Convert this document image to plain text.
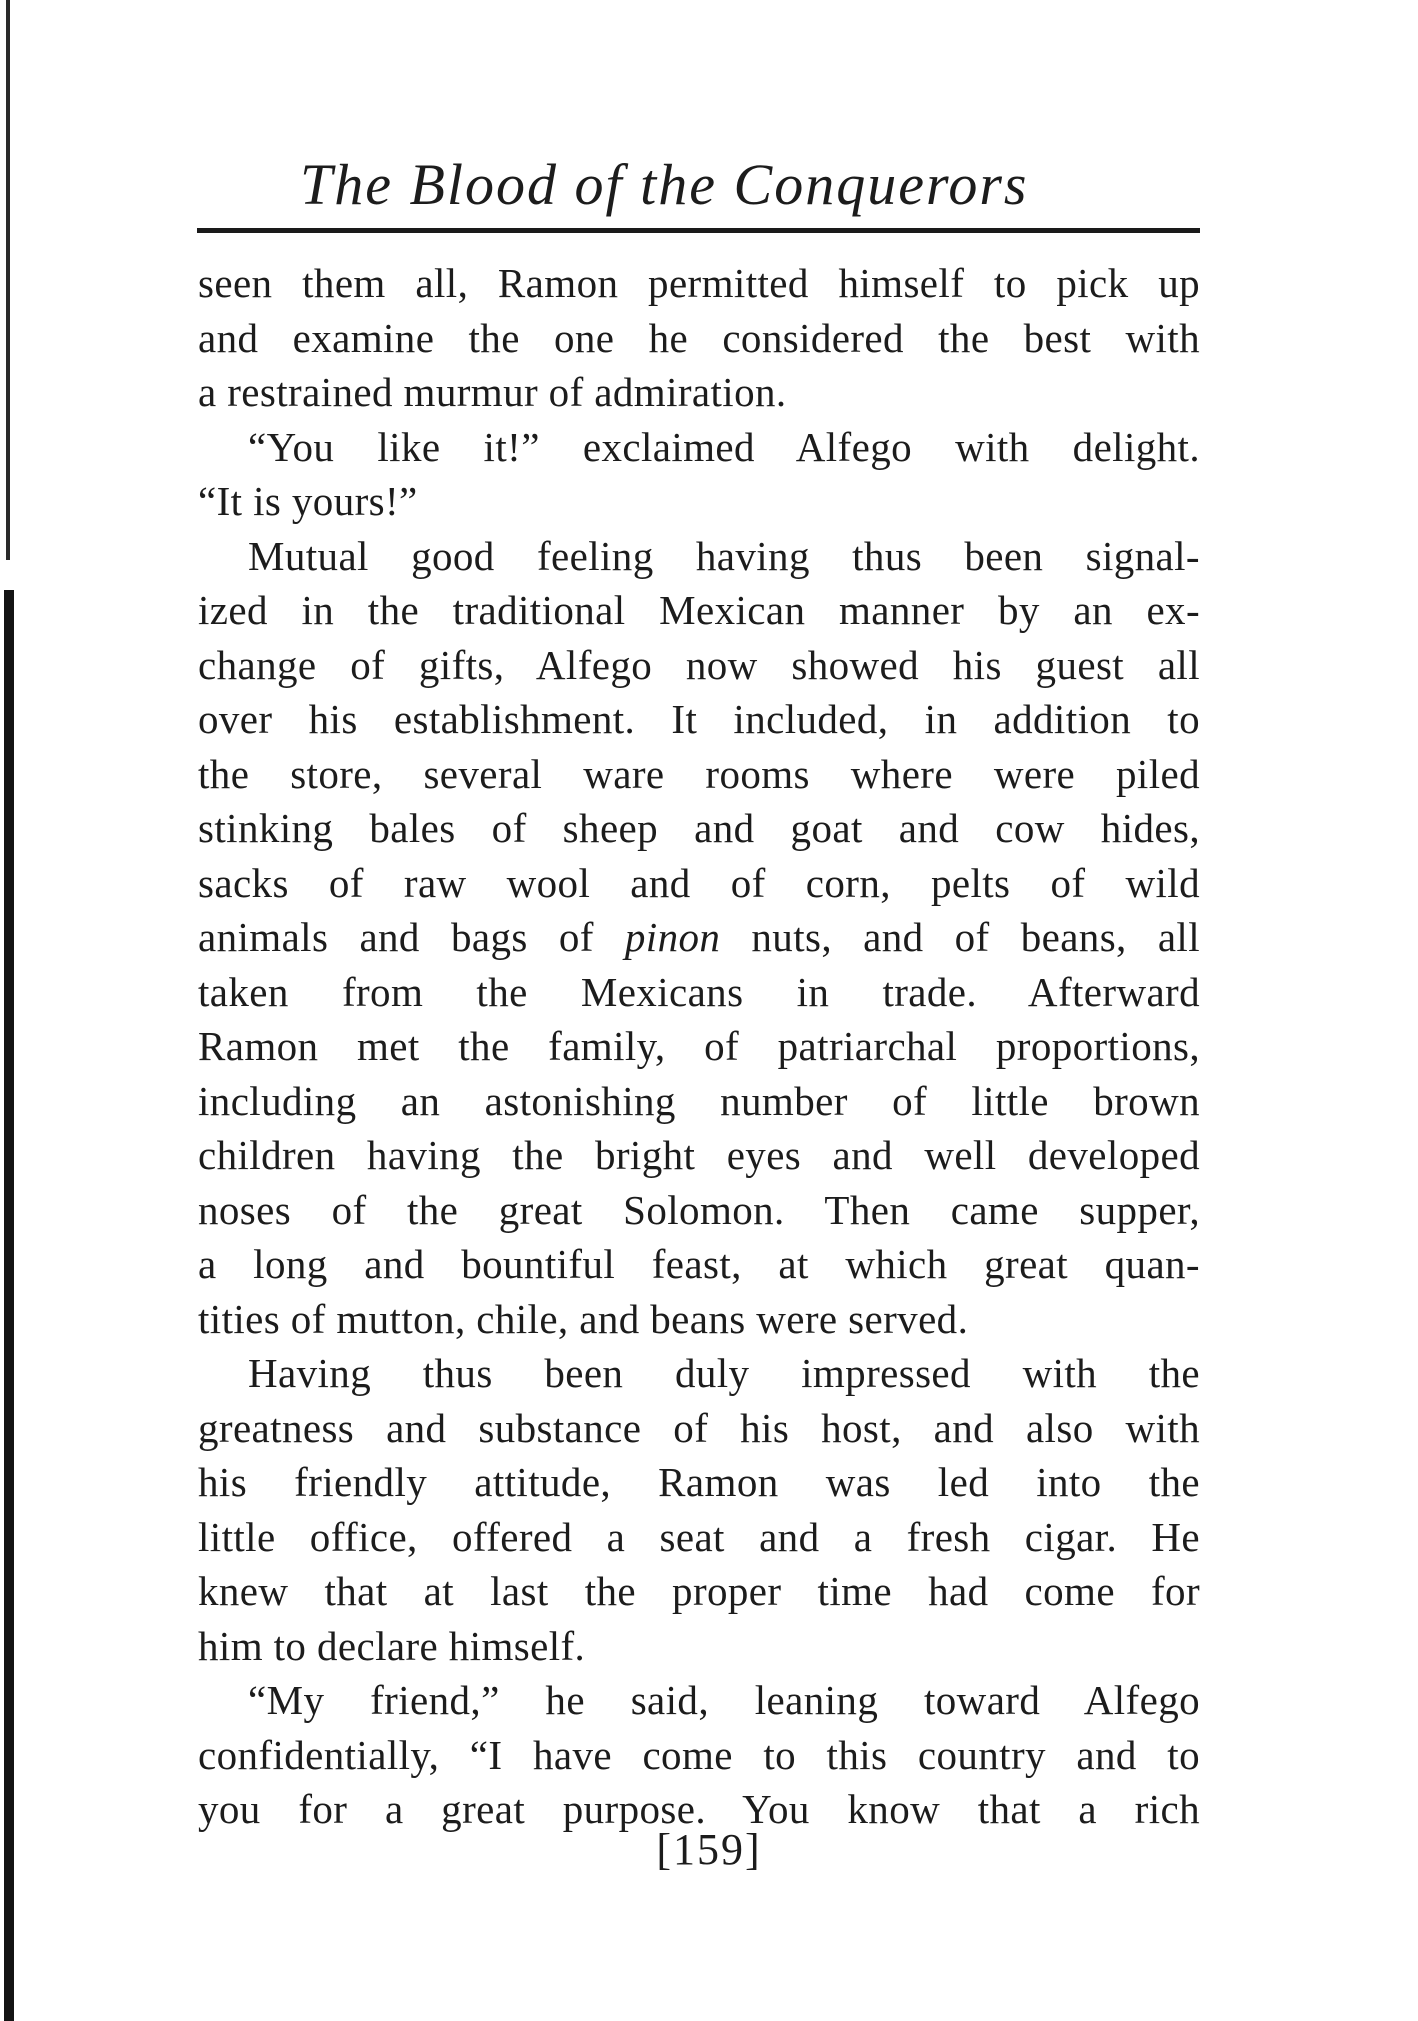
The Blood of the Conquerors
seen them all, Ramon permitted himself to pick up
and examine the one he considered the best with
a restrained murmur of admiration.
“You like it!” exclaimed Alfego with delight.
“It is yours!”
Mutual good feeling having thus been signal-
ized in the traditional Mexican manner by an ex-
change of gifts, Alfego now showed his guest all
over his establishment. It included, in addition to
the store, several ware rooms where were piled
stinking bales of sheep and goat and cow hides,
sacks of raw wool and of corn, pelts of wild
animals and bags of pinon nuts, and of beans, all
taken from the Mexicans in trade. Afterward
Ramon met the family, of patriarchal proportions,
including an astonishing number of little brown
children having the bright eyes and well developed
noses of the great Solomon. Then came supper,
a long and bountiful feast, at which great quan-
tities of mutton, chile, and beans were served.
Having thus been duly impressed with the
greatness and substance of his host, and also with
his friendly attitude, Ramon was led into the
little office, offered a seat and a fresh cigar. He
knew that at last the proper time had come for
him to declare himself.
“My friend,” he said, leaning toward Alfego
confidentially, “I have come to this country and to
you for a great purpose. You know that a rich
[159]
